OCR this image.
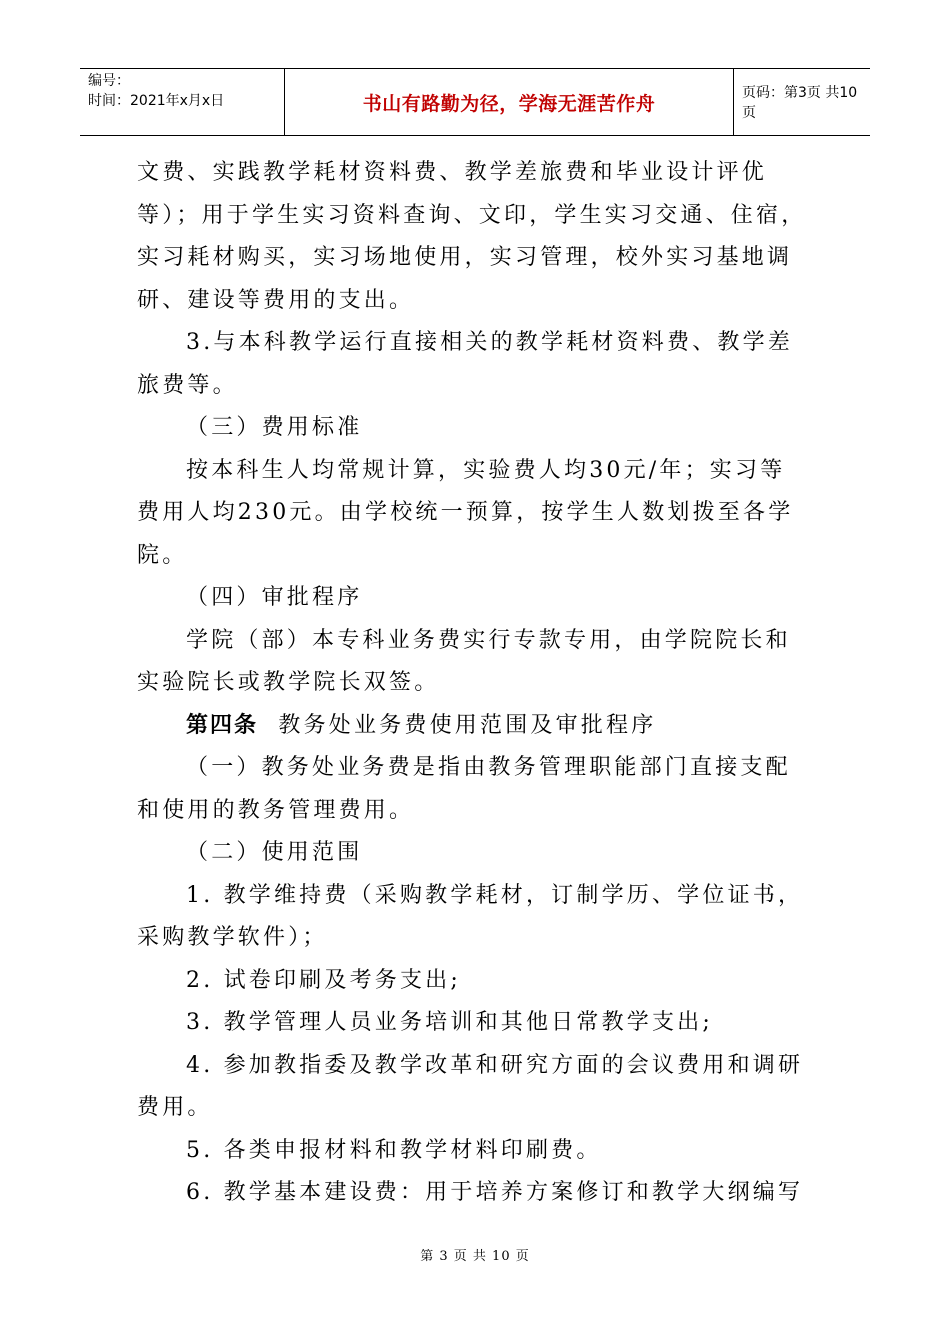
编号：
时间：2021年x月x日	书山有路勤为径，学海无涯苦作舟	页码：第3页 共10页

文费、实践教学耗材资料费、教学差旅费和毕业设计评优

等）；用于学生实习资料查询、文印，学生实习交通、住宿，

实习耗材购买，实习场地使用，实习管理，校外实习基地调

研、建设等费用的支出。

3.与本科教学运行直接相关的教学耗材资料费、教学差

旅费等。

（三）费用标准

按本科生人均常规计算，实验费人均30元/年；实习等

费用人均230元。由学校统一预算，按学生人数划拨至各学

院。

（四）审批程序

学院（部）本专科业务费实行专款专用，由学院院长和

实验院长或教学院长双签。

第四条 教务处业务费使用范围及审批程序

（一）教务处业务费是指由教务管理职能部门直接支配

和使用的教务管理费用。

（二）使用范围

1. 教学维持费（采购教学耗材，订制学历、学位证书，

采购教学软件）；

2. 试卷印刷及考务支出;

3. 教学管理人员业务培训和其他日常教学支出;

4. 参加教指委及教学改革和研究方面的会议费用和调研

费用。

5. 各类申报材料和教学材料印刷费。

6. 教学基本建设费：用于培养方案修订和教学大纲编写

第 3 页 共 10 页
